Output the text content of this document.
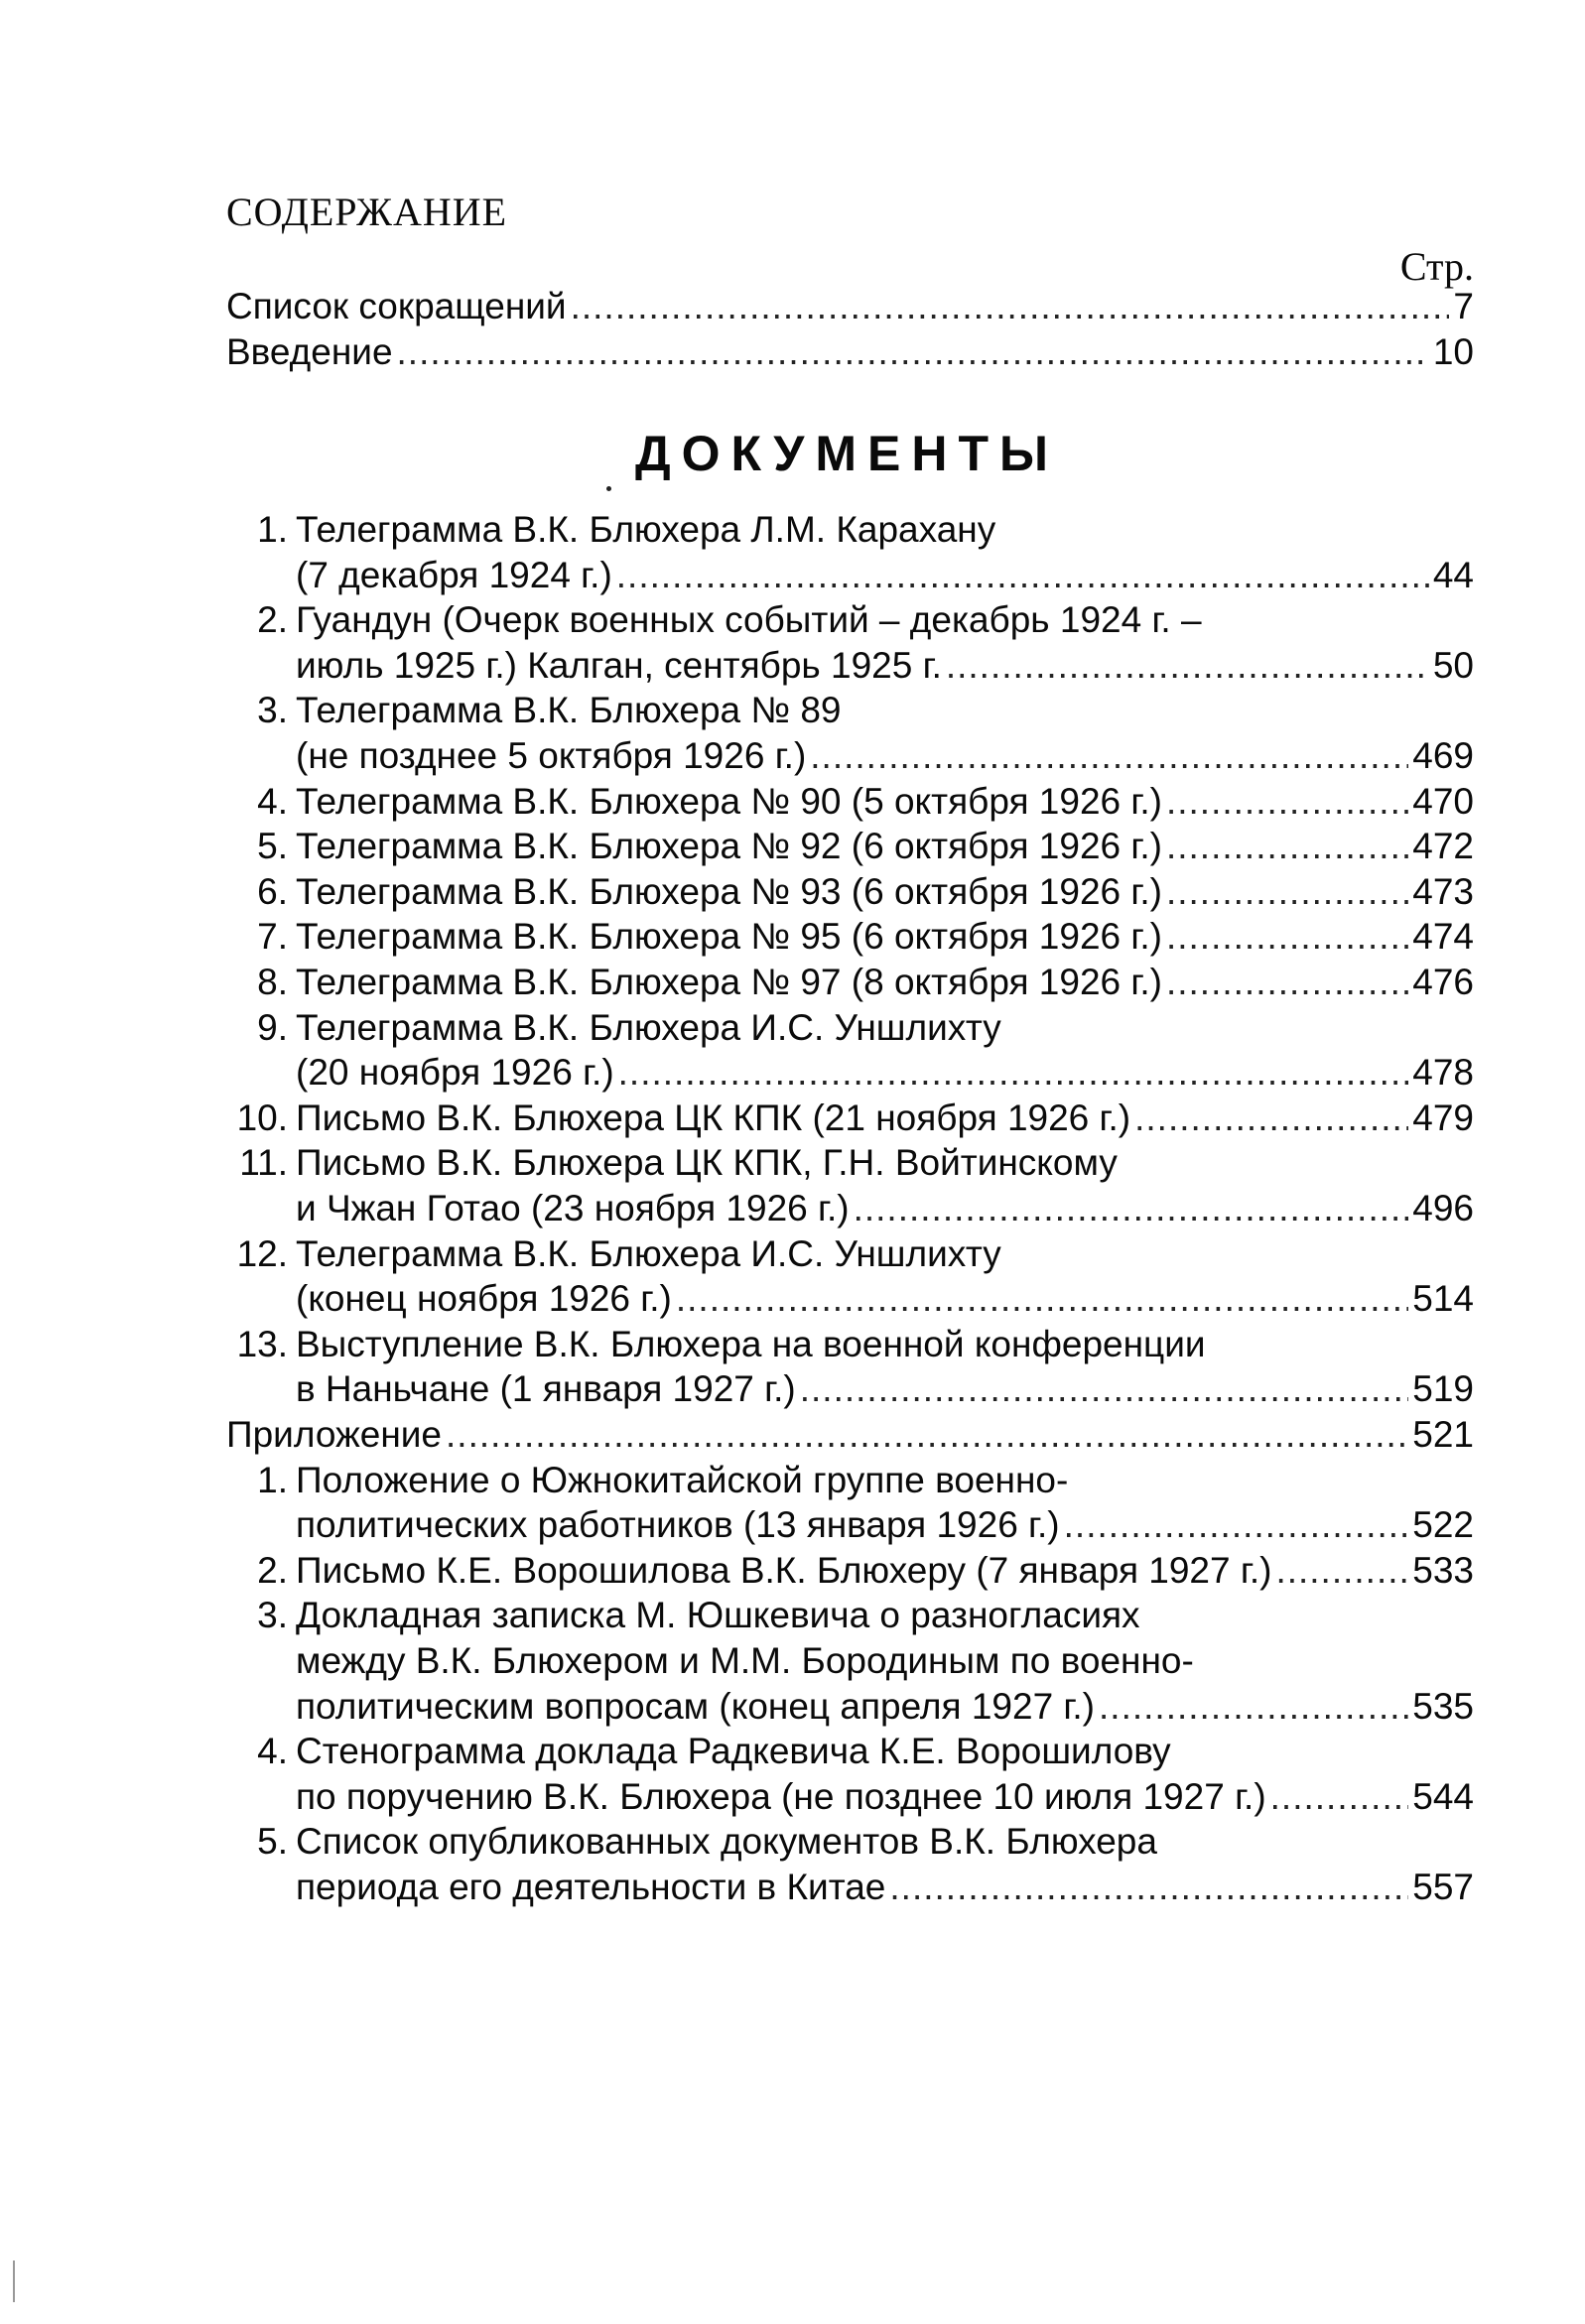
СОДЕРЖАНИЕ
Стр.
ДОКУМЕНТЫ
Список сокращений .....	7
Введение .....	10
1. Телеграмма В.К. Блюхера Л.М. Карахану
(7 декабря 1924 г.) .....	44
2. Гуандун (Очерк военных событий – декабрь 1924 г. –
июль 1925 г.) Калган, сентябрь 1925 г. .....	50
3. Телеграмма В.К. Блюхера № 89
(не позднее 5 октября 1926 г.) .....	469
4. Телеграмма В.К. Блюхера № 90 (5 октября 1926 г.) .....	470
5. Телеграмма В.К. Блюхера № 92 (6 октября 1926 г.) .....	472
6. Телеграмма В.К. Блюхера № 93 (6 октября 1926 г.) .....	473
7. Телеграмма В.К. Блюхера № 95 (6 октября 1926 г.) .....	474
8. Телеграмма В.К. Блюхера № 97 (8 октября 1926 г.) .....	476
9. Телеграмма В.К. Блюхера И.С. Уншлихту
(20 ноября 1926 г.) .....	478
10. Письмо В.К. Блюхера ЦК КПК (21 ноября 1926 г.) .....	479
11. Письмо В.К. Блюхера ЦК КПК, Г.Н. Войтинскому
и Чжан Готао (23 ноября 1926 г.) .....	496
12. Телеграмма В.К. Блюхера И.С. Уншлихту
(конец ноября 1926 г.) .....	514
13. Выступление В.К. Блюхера на военной конференции
в Наньчане (1 января 1927 г.) .....	519
Приложение .....	521
1. Положение о Южнокитайской группе военно-
политических работников (13 января 1926 г.) .....	522
2. Письмо К.Е. Ворошилова В.К. Блюхеру (7 января 1927 г.) .....	533
3. Докладная записка М. Юшкевича о разногласиях
между В.К. Блюхером и М.М. Бородиным по военно-
политическим вопросам (конец апреля 1927 г.) .....	535
4. Стенограмма доклада Радкевича К.Е. Ворошилову
по поручению В.К. Блюхера (не позднее 10 июля 1927 г.) .....	544
5. Список опубликованных документов В.К. Блюхера
периода его деятельности в Китае .....	557
